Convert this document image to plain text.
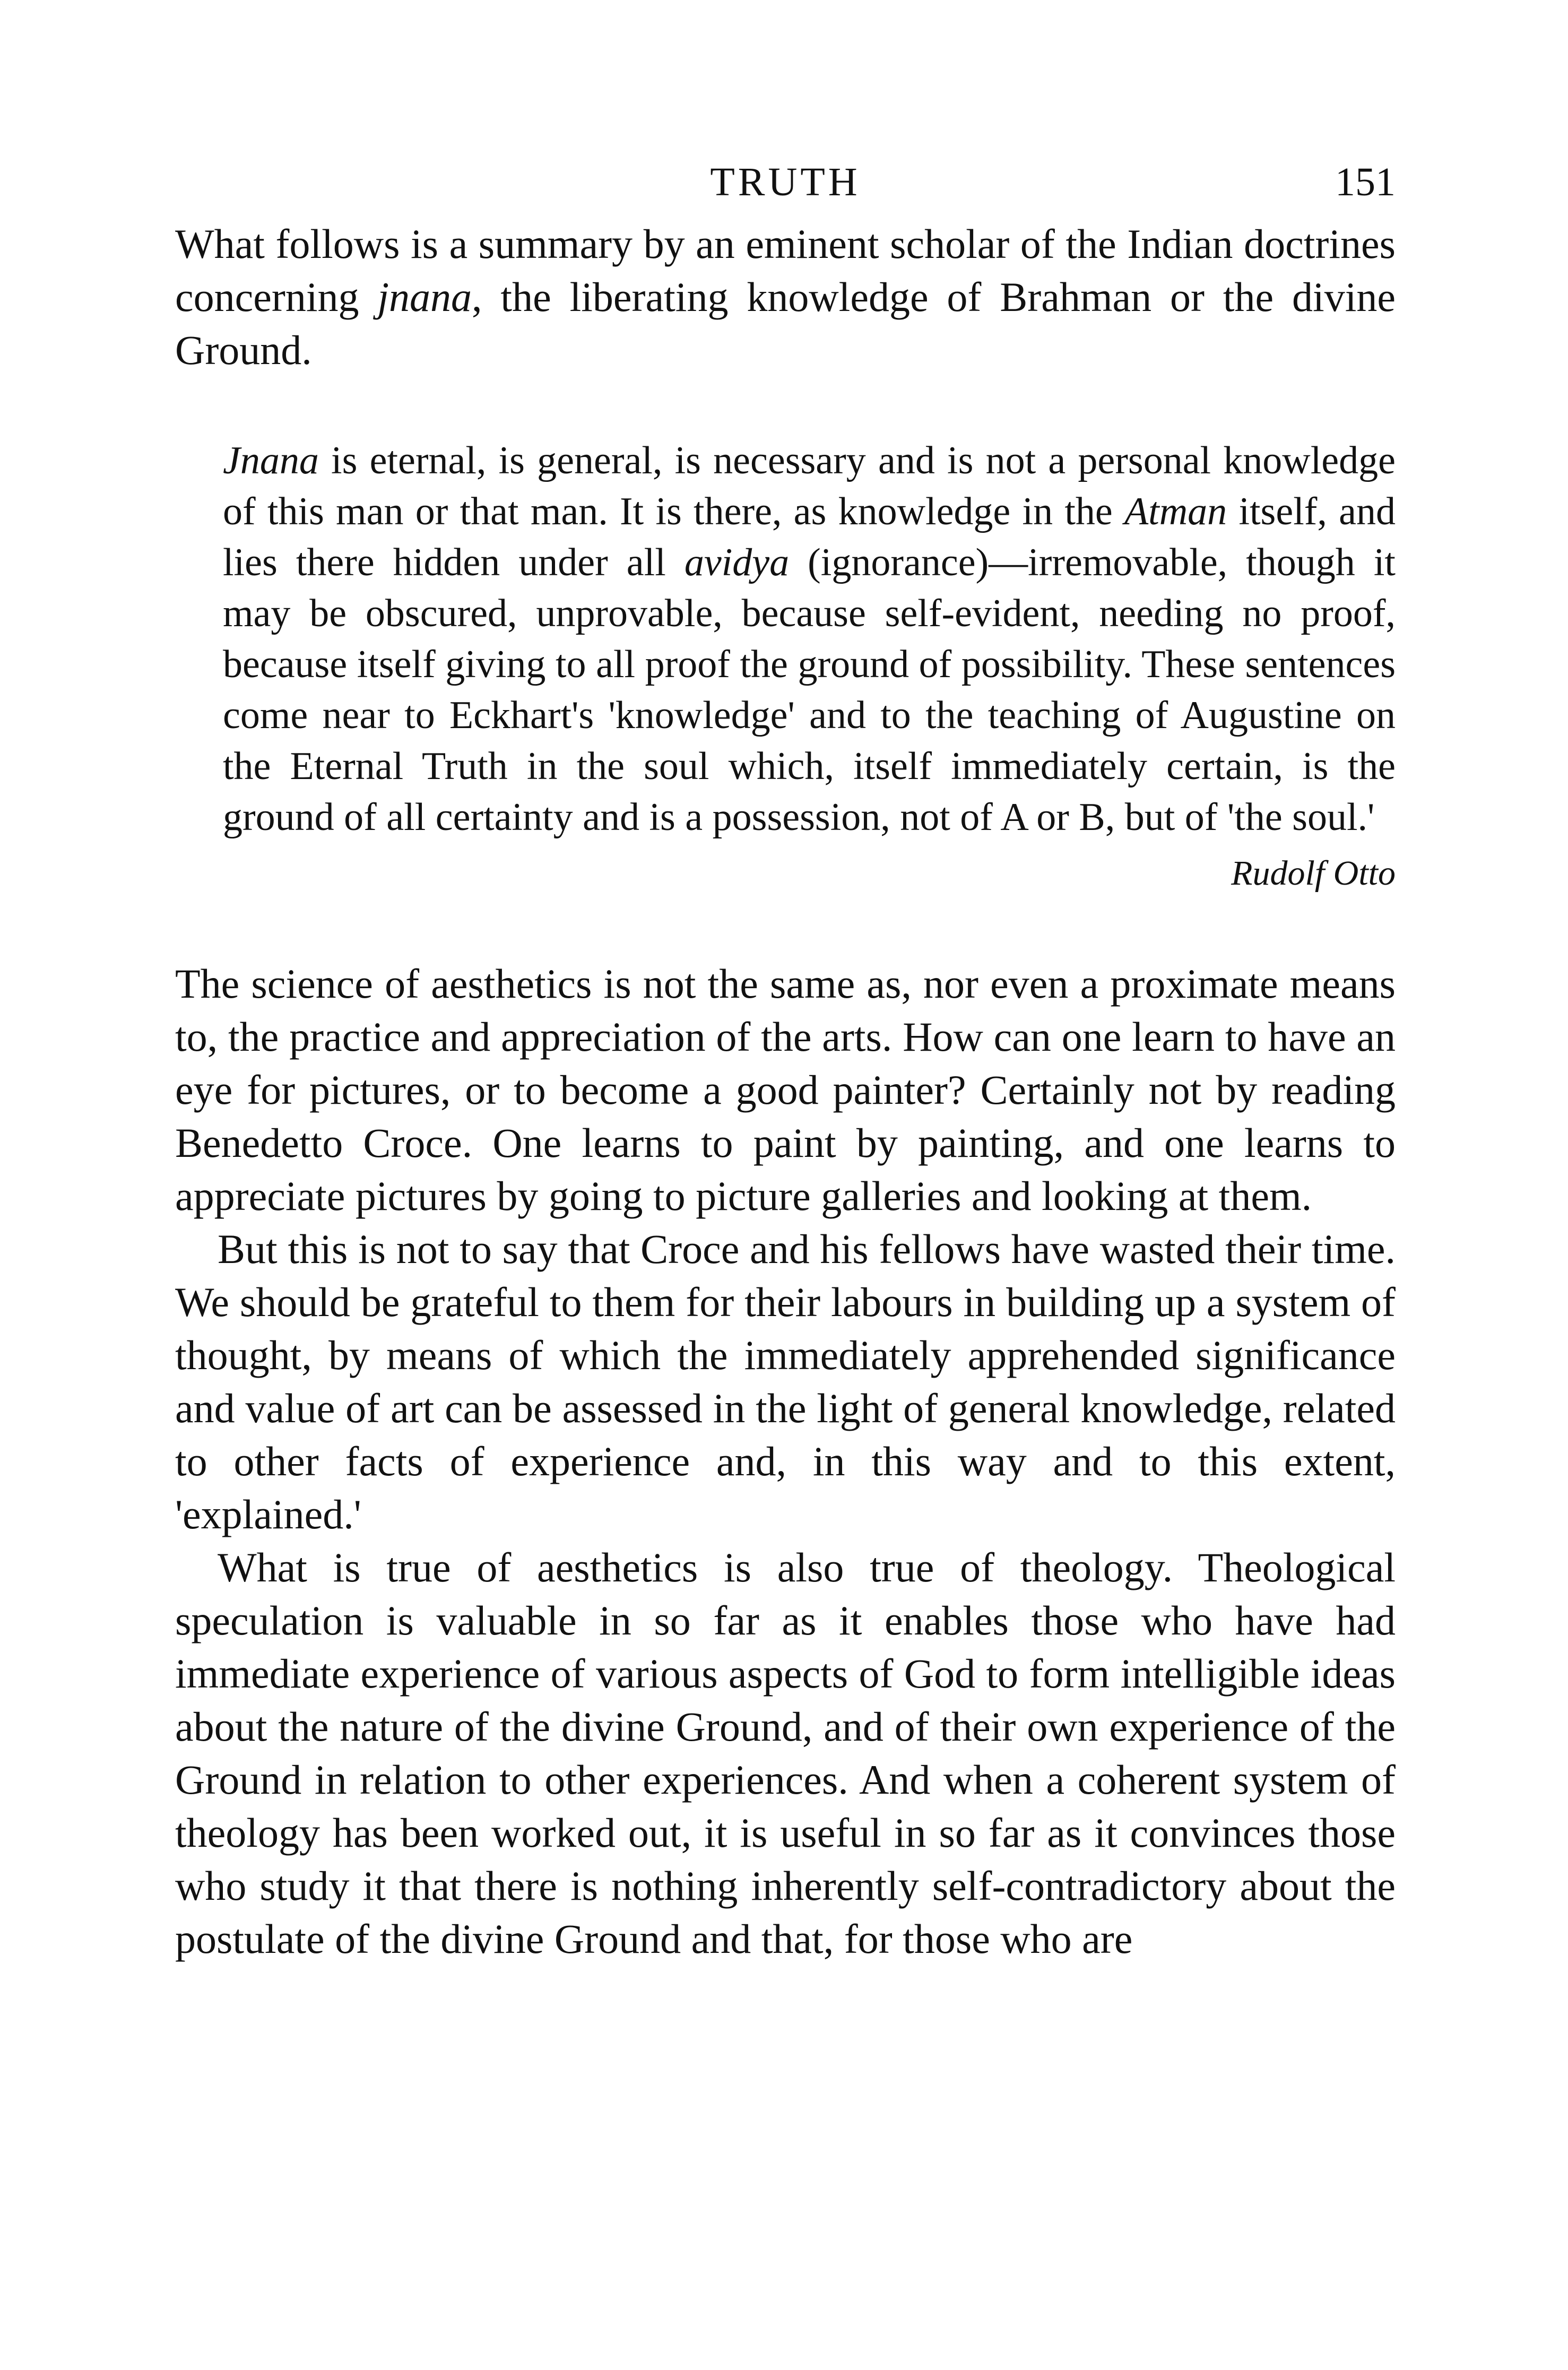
TRUTH	151

What follows is a summary by an eminent scholar of the Indian doctrines concerning jnana, the liberating knowledge of Brahman or the divine Ground.

Jnana is eternal, is general, is necessary and is not a personal knowledge of this man or that man. It is there, as knowledge in the Atman itself, and lies there hidden under all avidya (ignorance)—irremovable, though it may be obscured, unprovable, because self-evident, needing no proof, because itself giving to all proof the ground of possibility. These sentences come near to Eckhart's 'knowledge' and to the teaching of Augustine on the Eternal Truth in the soul which, itself immediately certain, is the ground of all certainty and is a possession, not of A or B, but of 'the soul.'

Rudolf Otto

The science of aesthetics is not the same as, nor even a proximate means to, the practice and appreciation of the arts. How can one learn to have an eye for pictures, or to become a good painter? Certainly not by reading Benedetto Croce. One learns to paint by painting, and one learns to appreciate pictures by going to picture galleries and looking at them.

But this is not to say that Croce and his fellows have wasted their time. We should be grateful to them for their labours in building up a system of thought, by means of which the immediately apprehended significance and value of art can be assessed in the light of general knowledge, related to other facts of experience and, in this way and to this extent, 'explained.'

What is true of aesthetics is also true of theology. Theological speculation is valuable in so far as it enables those who have had immediate experience of various aspects of God to form intelligible ideas about the nature of the divine Ground, and of their own experience of the Ground in relation to other experiences. And when a coherent system of theology has been worked out, it is useful in so far as it convinces those who study it that there is nothing inherently self-contradictory about the postulate of the divine Ground and that, for those who are
